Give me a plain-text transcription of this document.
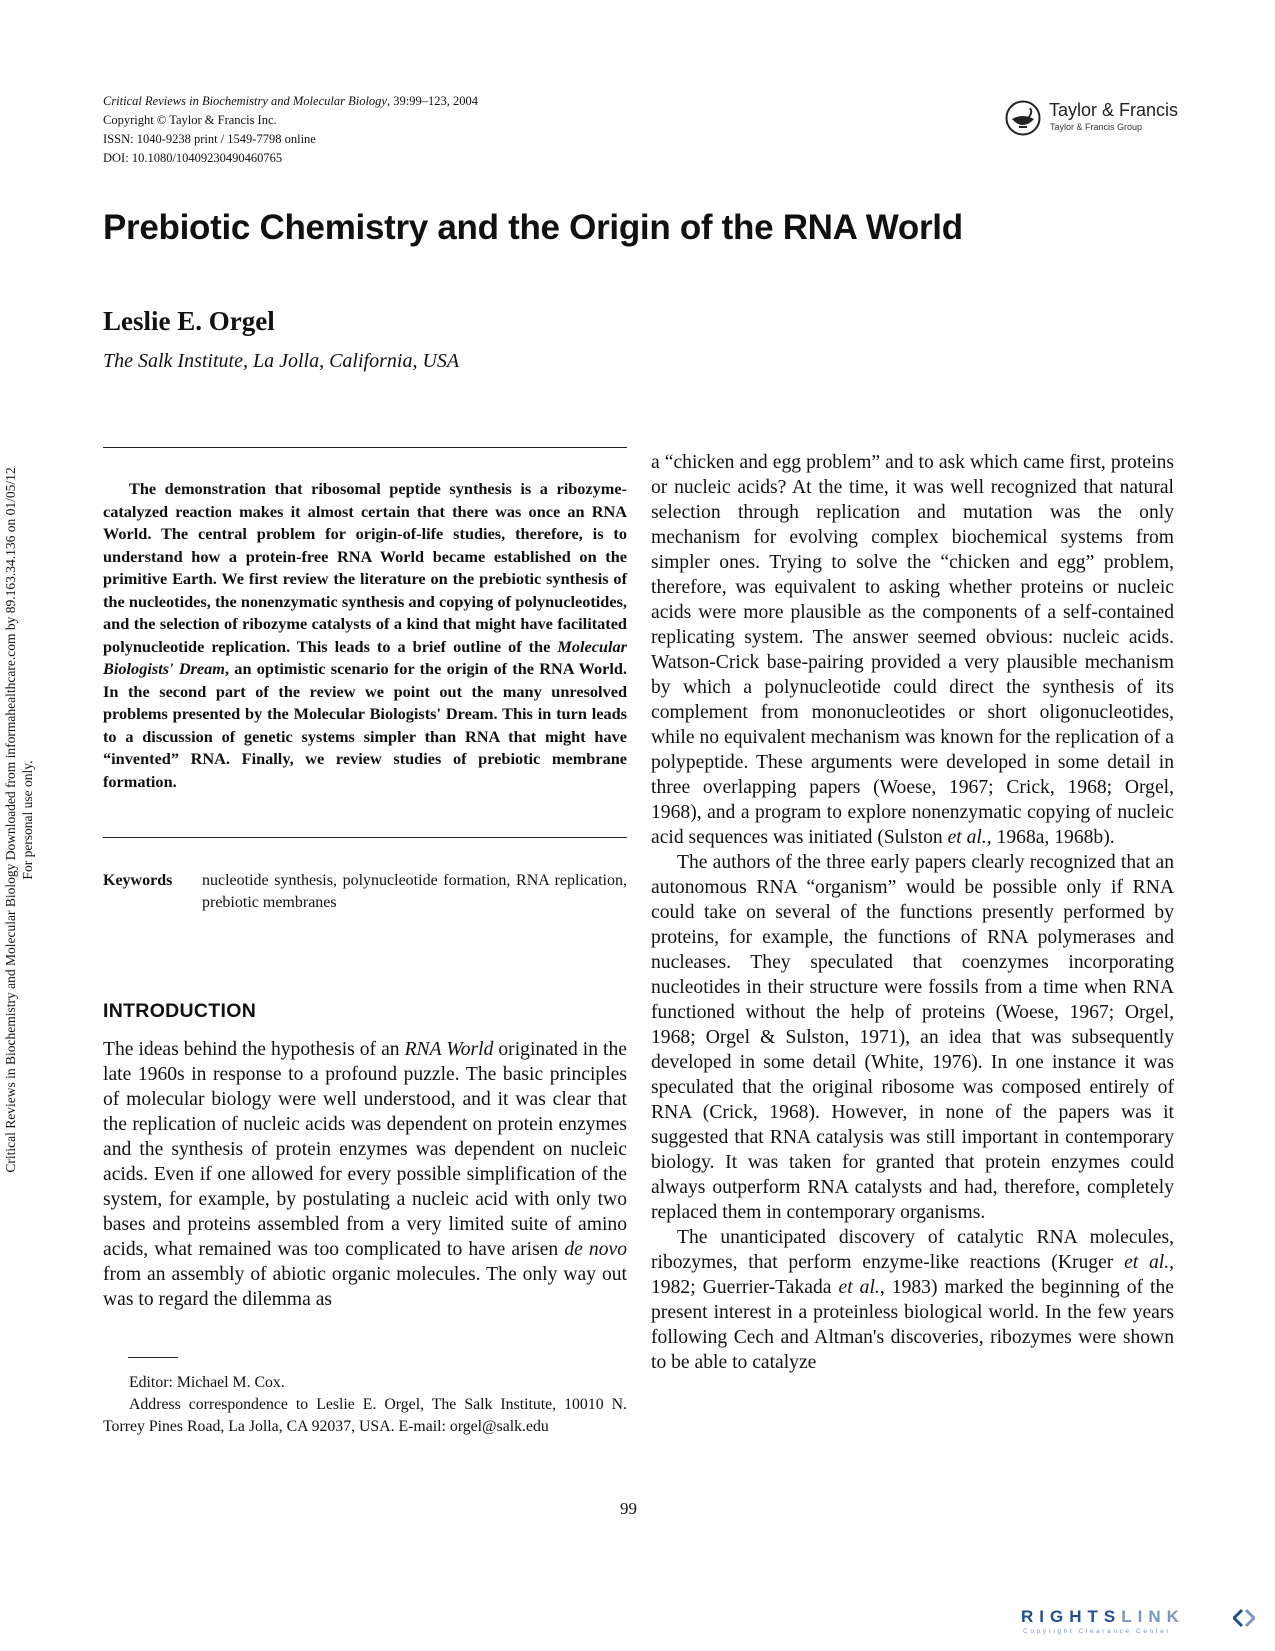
Critical Reviews in Biochemistry and Molecular Biology, 39:99–123, 2004
Copyright © Taylor & Francis Inc.
ISSN: 1040-9238 print / 1549-7798 online
DOI: 10.1080/10409230490460765
Taylor & Francis
Taylor & Francis Group
Prebiotic Chemistry and the Origin of the RNA World
Leslie E. Orgel
The Salk Institute, La Jolla, California, USA
Critical Reviews in Biochemistry and Molecular Biology Downloaded from informahealthcare.com by 89.163.34.136 on 01/05/12 For personal use only.
The demonstration that ribosomal peptide synthesis is a ribozyme-catalyzed reaction makes it almost certain that there was once an RNA World. The central problem for origin-of-life studies, therefore, is to understand how a protein-free RNA World became established on the primitive Earth. We first review the literature on the prebiotic synthesis of the nucleotides, the nonenzymatic synthesis and copying of polynucleotides, and the selection of ribozyme catalysts of a kind that might have facilitated polynucleotide replication. This leads to a brief outline of the Molecular Biologists' Dream, an optimistic scenario for the origin of the RNA World. In the second part of the review we point out the many unresolved problems presented by the Molecular Biologists' Dream. This in turn leads to a discussion of genetic systems simpler than RNA that might have “invented” RNA. Finally, we review studies of prebiotic membrane formation.
Keywords nucleotide synthesis, polynucleotide formation, RNA replication, prebiotic membranes
INTRODUCTION
The ideas behind the hypothesis of an RNA World originated in the late 1960s in response to a profound puzzle. The basic principles of molecular biology were well understood, and it was clear that the replication of nucleic acids was dependent on protein enzymes and the synthesis of protein enzymes was dependent on nucleic acids. Even if one allowed for every possible simplification of the system, for example, by postulating a nucleic acid with only two bases and proteins assembled from a very limited suite of amino acids, what remained was too complicated to have arisen de novo from an assembly of abiotic organic molecules. The only way out was to regard the dilemma as

a “chicken and egg problem” and to ask which came first, proteins or nucleic acids? At the time, it was well recognized that natural selection through replication and mutation was the only mechanism for evolving complex biochemical systems from simpler ones. Trying to solve the “chicken and egg” problem, therefore, was equivalent to asking whether proteins or nucleic acids were more plausible as the components of a self-contained replicating system. The answer seemed obvious: nucleic acids. Watson-Crick base-pairing provided a very plausible mechanism by which a polynucleotide could direct the synthesis of its complement from mononucleotides or short oligonucleotides, while no equivalent mechanism was known for the replication of a polypeptide. These arguments were developed in some detail in three overlapping papers (Woese, 1967; Crick, 1968; Orgel, 1968), and a program to explore nonenzymatic copying of nucleic acid sequences was initiated (Sulston et al., 1968a, 1968b).

The authors of the three early papers clearly recognized that an autonomous RNA “organism” would be possible only if RNA could take on several of the functions presently performed by proteins, for example, the functions of RNA polymerases and nucleases. They speculated that coenzymes incorporating nucleotides in their structure were fossils from a time when RNA functioned without the help of proteins (Woese, 1967; Orgel, 1968; Orgel & Sulston, 1971), an idea that was subsequently developed in some detail (White, 1976). In one instance it was speculated that the original ribosome was composed entirely of RNA (Crick, 1968). However, in none of the papers was it suggested that RNA catalysis was still important in contemporary biology. It was taken for granted that protein enzymes could always outperform RNA catalysts and had, therefore, completely replaced them in contemporary organisms.

The unanticipated discovery of catalytic RNA molecules, ribozymes, that perform enzyme-like reactions (Kruger et al., 1982; Guerrier-Takada et al., 1983) marked the beginning of the present interest in a proteinless biological world. In the few years following Cech and Altman's discoveries, ribozymes were shown to be able to catalyze

Editor: Michael M. Cox.

Address correspondence to Leslie E. Orgel, The Salk Institute, 10010 N. Torrey Pines Road, La Jolla, CA 92037, USA. E-mail: orgel@salk.edu

99
RIGHTSLINK
Copyright Clearance Center
